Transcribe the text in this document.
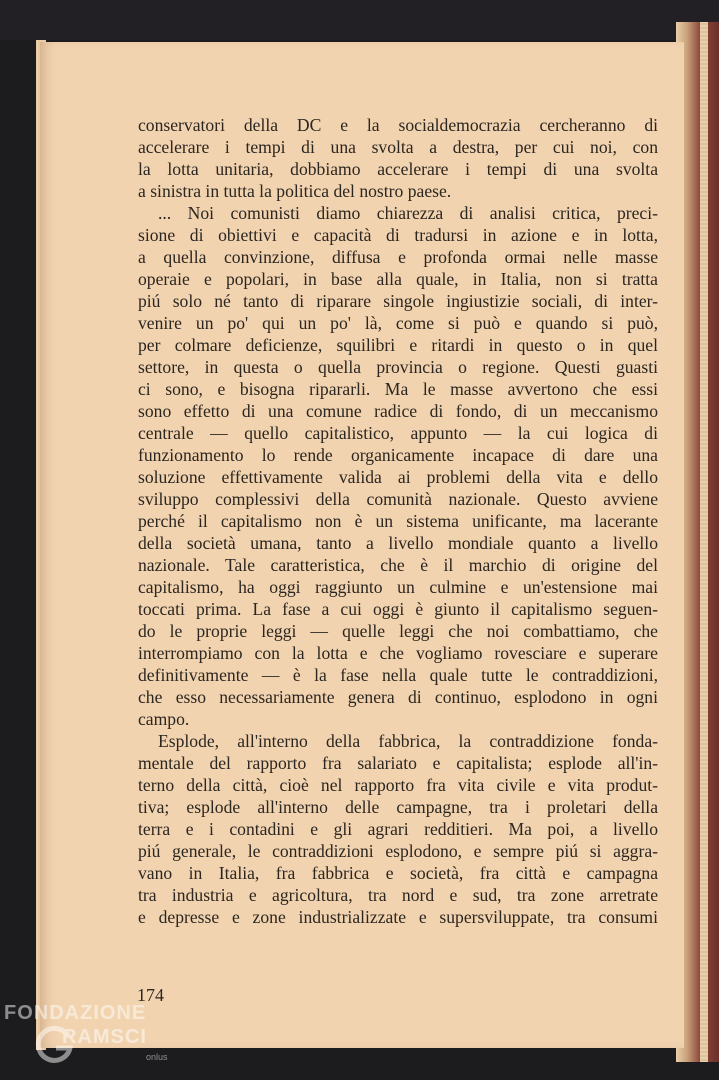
conservatori della DC e la socialdemocrazia cercheranno di
accelerare i tempi di una svolta a destra, per cui noi, con
la lotta unitaria, dobbiamo accelerare i tempi di una svolta
a sinistra in tutta la politica del nostro paese.
... Noi comunisti diamo chiarezza di analisi critica, preci-
sione di obiettivi e capacità di tradursi in azione e in lotta,
a quella convinzione, diffusa e profonda ormai nelle masse
operaie e popolari, in base alla quale, in Italia, non si tratta
piú solo né tanto di riparare singole ingiustizie sociali, di inter-
venire un po' qui un po' là, come si può e quando si può,
per colmare deficienze, squilibri e ritardi in questo o in quel
settore, in questa o quella provincia o regione. Questi guasti
ci sono, e bisogna ripararli. Ma le masse avvertono che essi
sono effetto di una comune radice di fondo, di un meccanismo
centrale — quello capitalistico, appunto — la cui logica di
funzionamento lo rende organicamente incapace di dare una
soluzione effettivamente valida ai problemi della vita e dello
sviluppo complessivi della comunità nazionale. Questo avviene
perché il capitalismo non è un sistema unificante, ma lacerante
della società umana, tanto a livello mondiale quanto a livello
nazionale. Tale caratteristica, che è il marchio di origine del
capitalismo, ha oggi raggiunto un culmine e un'estensione mai
toccati prima. La fase a cui oggi è giunto il capitalismo seguen-
do le proprie leggi — quelle leggi che noi combattiamo, che
interrompiamo con la lotta e che vogliamo rovesciare e superare
definitivamente — è la fase nella quale tutte le contraddizioni,
che esso necessariamente genera di continuo, esplodono in ogni
campo.
Esplode, all'interno della fabbrica, la contraddizione fonda-
mentale del rapporto fra salariato e capitalista; esplode all'in-
terno della città, cioè nel rapporto fra vita civile e vita produt-
tiva; esplode all'interno delle campagne, tra i proletari della
terra e i contadini e gli agrari redditieri. Ma poi, a livello
piú generale, le contraddizioni esplodono, e sempre piú si aggra-
vano in Italia, fra fabbrica e società, fra città e campagna
tra industria e agricoltura, tra nord e sud, tra zone arretrate
e depresse e zone industrializzate e supersviluppate, tra consumi
174
FONDAZIONE
RAMSCI
onlus
